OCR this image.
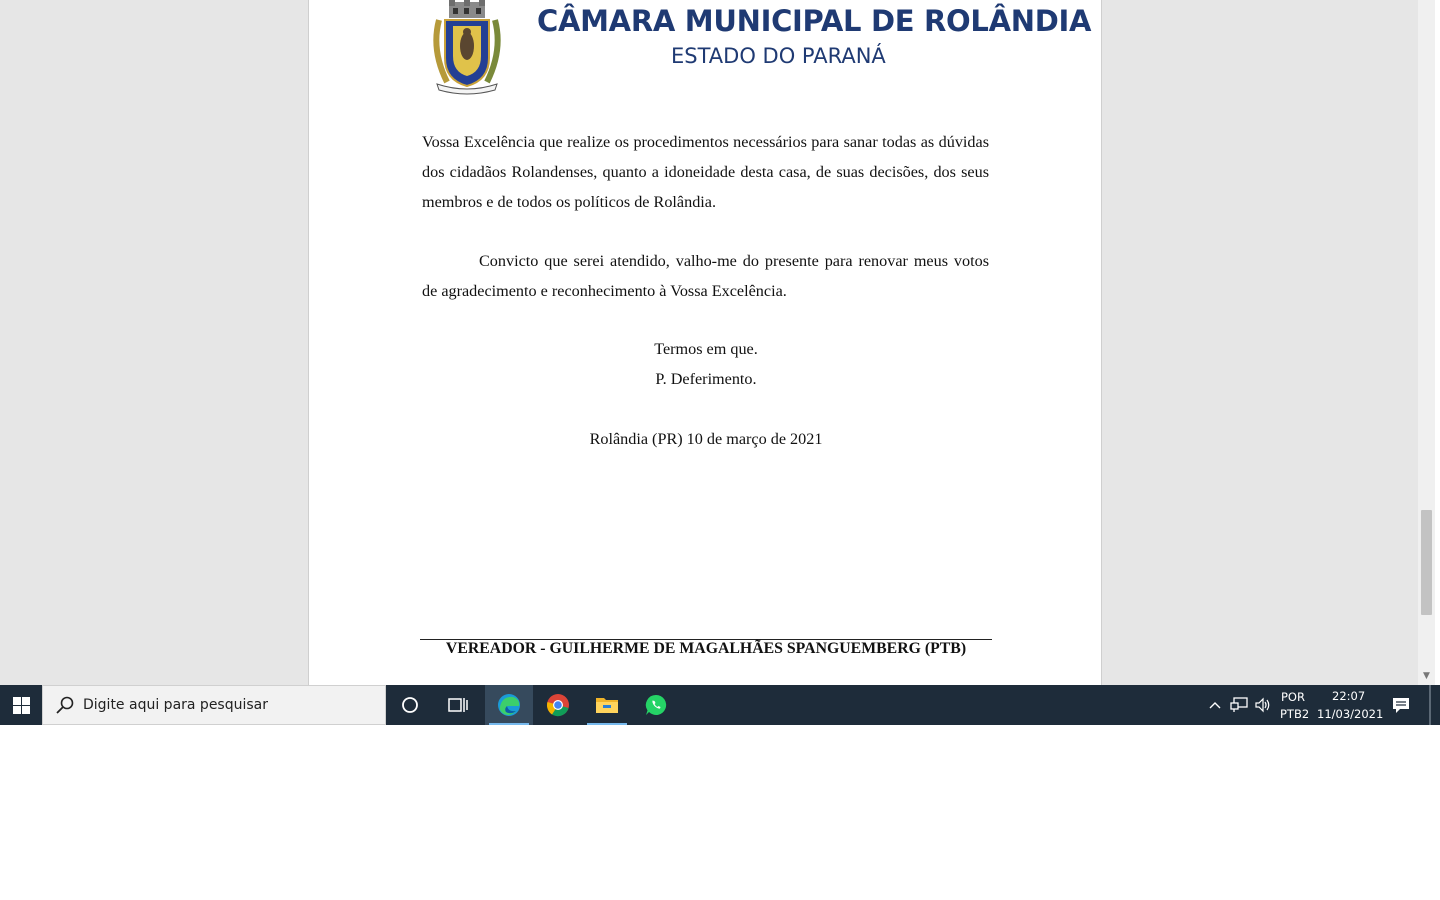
CÂMARA MUNICIPAL DE ROLÂNDIA
ESTADO DO PARANÁ
Vossa Excelência que realize os procedimentos necessários para sanar todas as dúvidas dos cidadãos Rolandenses, quanto a idoneidade desta casa, de suas decisões, dos seus membros e de todos os políticos de Rolândia.
Convicto que serei atendido, valho-me do presente para renovar meus votos de agradecimento e reconhecimento à Vossa Excelência.
Termos em que.
P. Deferimento.
Rolândia (PR) 10 de março de 2021
VEREADOR - GUILHERME DE MAGALHÃES SPANGUEMBERG (PTB)
▼
Digite aqui para pesquisar	POR
PTB2
22:07
11/03/2021
